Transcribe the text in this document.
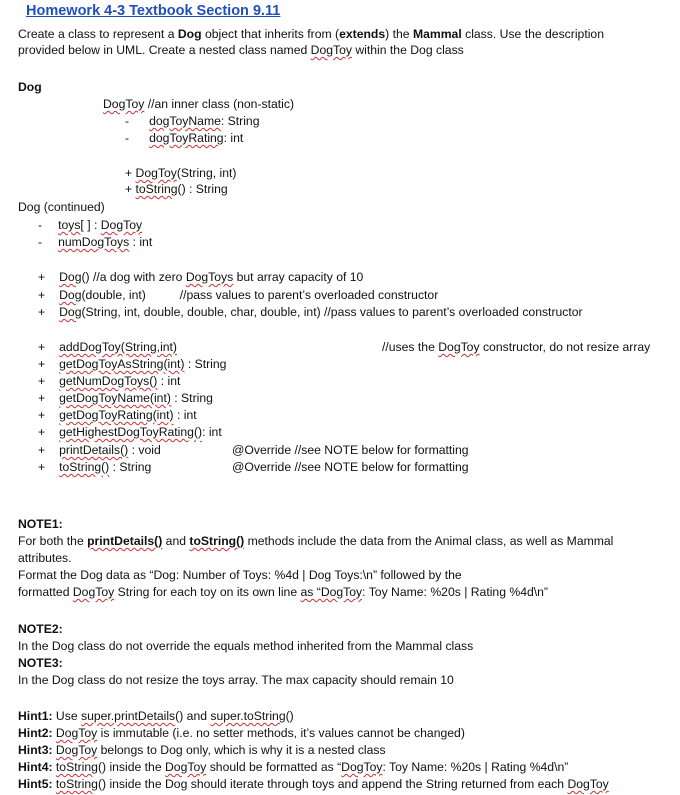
Homework 4-3 Textbook Section 9.11
Create a class to represent a Dog object that inherits from (extends) the Mammal class. Use the description
provided below in UML. Create a nested class named DogToy within the Dog class
Dog
DogToy //an inner class (non-static)
- dogToyName: String
- dogToyRating: int
+ DogToy(String, int)
+ toString() : String
Dog (continued)
- toys[ ] : DogToy
- numDogToys : int
+ Dog() //a dog with zero DogToys but array capacity of 10
+ Dog(double, int)          //pass values to parent’s overloaded constructor
+ Dog(String, int, double, double, char, double, int) //pass values to parent’s overloaded constructor
+ addDogToy(String,int)	//uses the DogToy constructor, do not resize array
+ getDogToyAsString(int) : String
+ getNumDogToys() : int
+ getDogToyName(int) : String
+ getDogToyRating(int) : int
+ getHighestDogToyRating(): int
+ printDetails() : void	@Override //see NOTE below for formatting
+ toString() : String	@Override //see NOTE below for formatting
NOTE1:
For both the printDetails() and toString() methods include the data from the Animal class, as well as Mammal
attributes.
Format the Dog data as “Dog: Number of Toys: %4d | Dog Toys:\n” followed by the
formatted DogToy String for each toy on its own line as “DogToy: Toy Name: %20s | Rating %4d\n”
NOTE2:
In the Dog class do not override the equals method inherited from the Mammal class
NOTE3:
In the Dog class do not resize the toys array. The max capacity should remain 10
Hint1: Use super.printDetails() and super.toString()
Hint2: DogToy is immutable (i.e. no setter methods, it’s values cannot be changed)
Hint3: DogToy belongs to Dog only, which is why it is a nested class
Hint4: toString() inside the DogToy should be formatted as “DogToy: Toy Name: %20s | Rating %4d\n”
Hint5: toString() inside the Dog should iterate through toys and append the String returned from each DogToy
